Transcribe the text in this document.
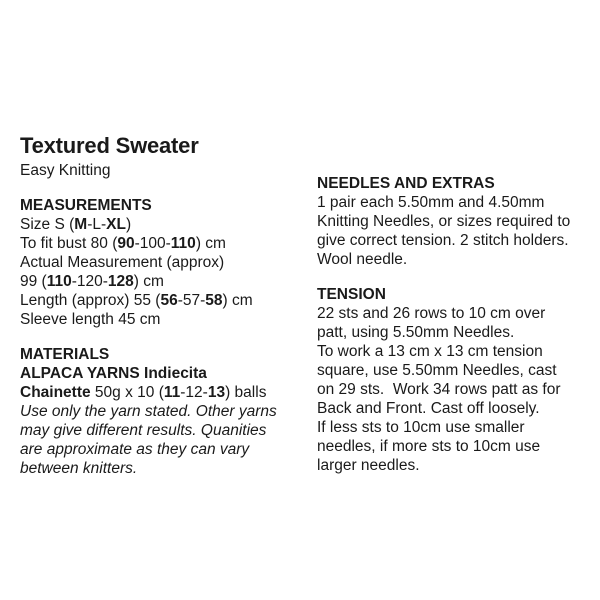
Textured Sweater
Easy Knitting
MEASUREMENTS
Size S (M-L-XL)
To fit bust 80 (90-100-110) cm
Actual Measurement (approx)
99 (110-120-128) cm
Length (approx) 55 (56-57-58) cm
Sleeve length 45 cm
MATERIALS
ALPACA YARNS Indiecita
Chainette 50g x 10 (11-12-13) balls
Use only the yarn stated. Other yarns
may give different results. Quanities
are approximate as they can vary
between knitters.
NEEDLES AND EXTRAS
1 pair each 5.50mm and 4.50mm
Knitting Needles, or sizes required to
give correct tension. 2 stitch holders.
Wool needle.
TENSION
22 sts and 26 rows to 10 cm over
patt, using 5.50mm Needles.
To work a 13 cm x 13 cm tension
square, use 5.50mm Needles, cast
on 29 sts.  Work 34 rows patt as for
Back and Front. Cast off loosely.
If less sts to 10cm use smaller
needles, if more sts to 10cm use
larger needles.
